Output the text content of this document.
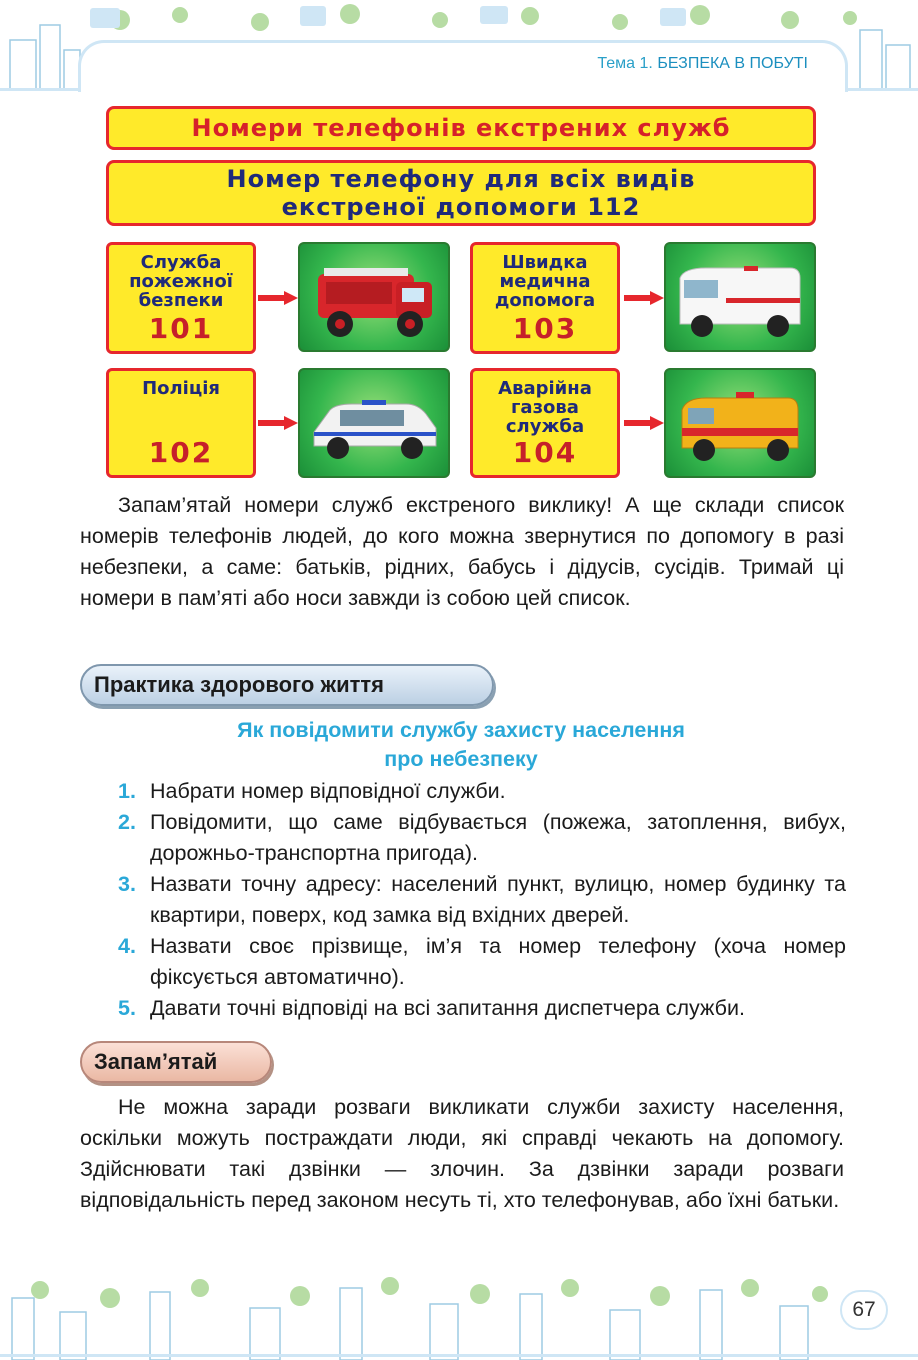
Тема 1. БЕЗПЕКА В ПОБУТІ
Номери телефонів екстрених служб
Номер телефону для всіх видів
екстреної допомоги 112
Служба
пожежної
безпеки
101
Швидка
медична
допомога
103
Поліція
102
Аварійна
газова
служба
104
Запам’ятай номери служб екстреного виклику! А ще склади список номерів телефонів людей, до кого можна звернутися по допомогу в разі небезпеки, а саме: батьків, рідних, бабусь і дідусів, сусідів. Тримай ці номери в пам’яті або носи завжди із собою цей список.
Практика здорового життя
Як повідомити службу захисту населення
про небезпеку
1. Набрати номер відповідної служби.
2. Повідомити, що саме відбувається (пожежа, затоплення, вибух, дорожньо-транспортна пригода).
3. Назвати точну адресу: населений пункт, вулицю, номер будинку та квартири, поверх, код замка від вхідних дверей.
4. Назвати своє прізвище, ім’я та номер телефону (хоча номер фіксується автоматично).
5. Давати точні відповіді на всі запитання диспетчера служби.
Запам’ятай
Не можна заради розваги викликати служби захисту населення, оскільки можуть постраждати люди, які справді чекають на допомогу. Здійснювати такі дзвінки — злочин. За дзвінки заради розваги відповідальність перед законом несуть ті, хто телефонував, або їхні батьки.
67
